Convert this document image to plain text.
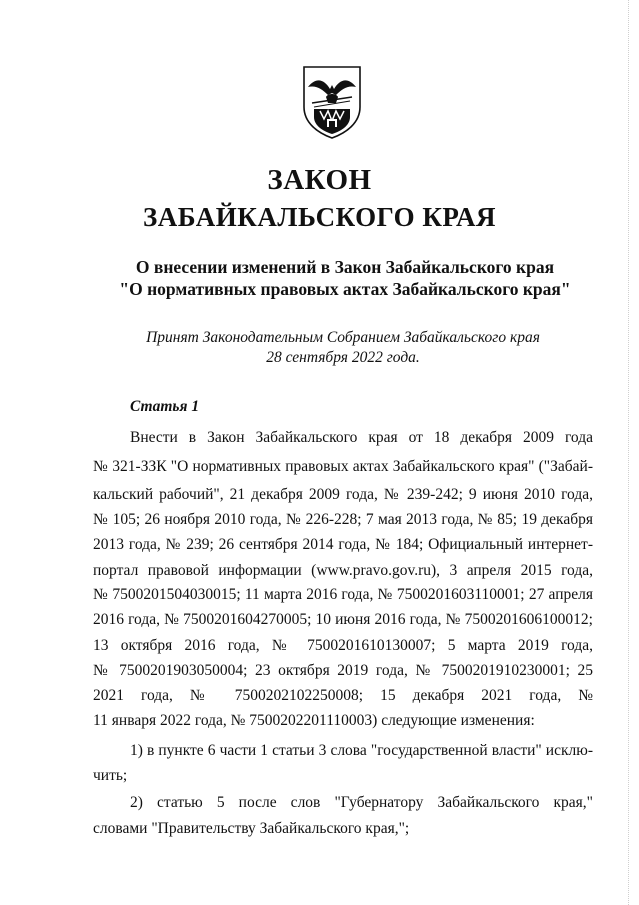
ЗАКОН
ЗАБАЙКАЛЬСКОГО КРАЯ
О внесении изменений в Закон Забайкальского края
"О нормативных правовых актах Забайкальского края"
Принят Законодательным Собранием Забайкальского края
28 сентября 2022 года.
Статья 1
Внести в Закон Забайкальского края от 18 декабря 2009 года
№ 321-ЗЗК "О нормативных правовых актах Забайкальского края" ("Забай-
кальский рабочий", 21 декабря 2009 года, № 239-242; 9 июня 2010 года,
№ 105; 26 ноября 2010 года, № 226-228; 7 мая 2013 года, № 85; 19 декабря
2013 года, № 239; 26 сентября 2014 года, № 184; Официальный интернет-
портал правовой информации (www.pravo.gov.ru), 3 апреля 2015 года,
№ 7500201504030015; 11 марта 2016 года, № 7500201603110001; 27 апреля
2016 года, № 7500201604270005; 10 июня 2016 года, № 7500201606100012;
13 октября 2016 года, № 7500201610130007; 5 марта 2019 года,
№ 7500201903050004; 23 октября 2019 года, № 7500201910230001; 25
2021 года, № 7500202102250008; 15 декабря 2021 года, №
11 января 2022 года, № 7500202201110003) следующие изменения:
1) в пункте 6 части 1 статьи 3 слова "государственной власти" исклю-
чить;
2) статью 5 после слов "Губернатору Забайкальского края,"
словами "Правительству Забайкальского края,";
